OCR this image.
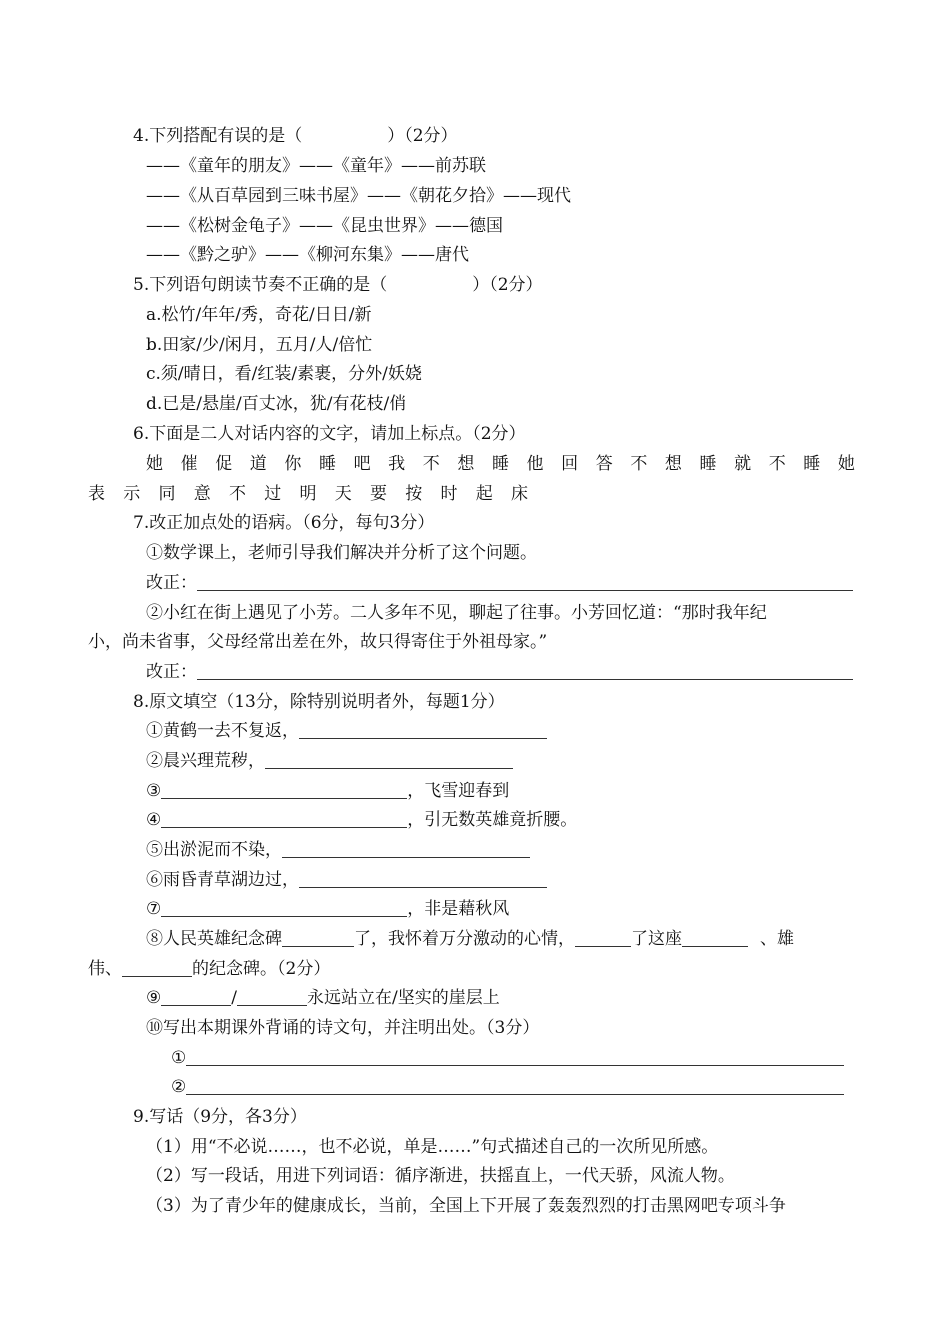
4.下列搭配有误的是（　　　　　）（2分）
——《童年的朋友》——《童年》——前苏联
——《从百草园到三味书屋》——《朝花夕拾》——现代
——《松树金龟子》——《昆虫世界》——德国
——《黔之驴》——《柳河东集》——唐代
5.下列语句朗读节奏不正确的是（　　　　　）（2分）
a.松竹/年年/秀，奇花/日日/新
b.田家/少/闲月，五月/人/倍忙
c.须/晴日，看/红装/素裹，分外/妖娆
d.已是/悬崖/百丈冰，犹/有花枝/俏
6.下面是二人对话内容的文字，请加上标点。（2分）
她 催 促 道 你 睡 吧 我 不 想 睡 他 回 答 不 想 睡 就 不 睡 她
表 示 同 意 不 过 明 天 要 按 时 起 床
7.改正加点处的语病。（6分，每句3分）
①数学课上，老师引导我们解决并分析了这个问题。
改正：
②小红在街上遇见了小芳。二人多年不见，聊起了往事。小芳回忆道：“那时我年纪
小，尚未省事，父母经常出差在外，故只得寄住于外祖母家。”
改正：
8.原文填空（13分，除特别说明者外，每题1分）
①黄鹤一去不复返，
②晨兴理荒秽，
③	，飞雪迎春到
④	，引无数英雄竟折腰。
⑤出淤泥而不染，
⑥雨昏青草湖边过，
⑦	，非是藉秋风
⑧人民英雄纪念碑	了，我怀着万分激动的心情，	了这座	、雄
伟、	的纪念碑。（2分）
⑨	/	永远站立在/坚实的崖层上
⑩写出本期课外背诵的诗文句，并注明出处。（3分）
①
②
9.写话（9分，各3分）
（1）用“不必说……，也不必说，单是……”句式描述自己的一次所见所感。
（2）写一段话，用进下列词语：循序渐进，扶摇直上，一代天骄，风流人物。
（3）为了青少年的健康成长，当前，全国上下开展了轰轰烈烈的打击黑网吧专项斗争
